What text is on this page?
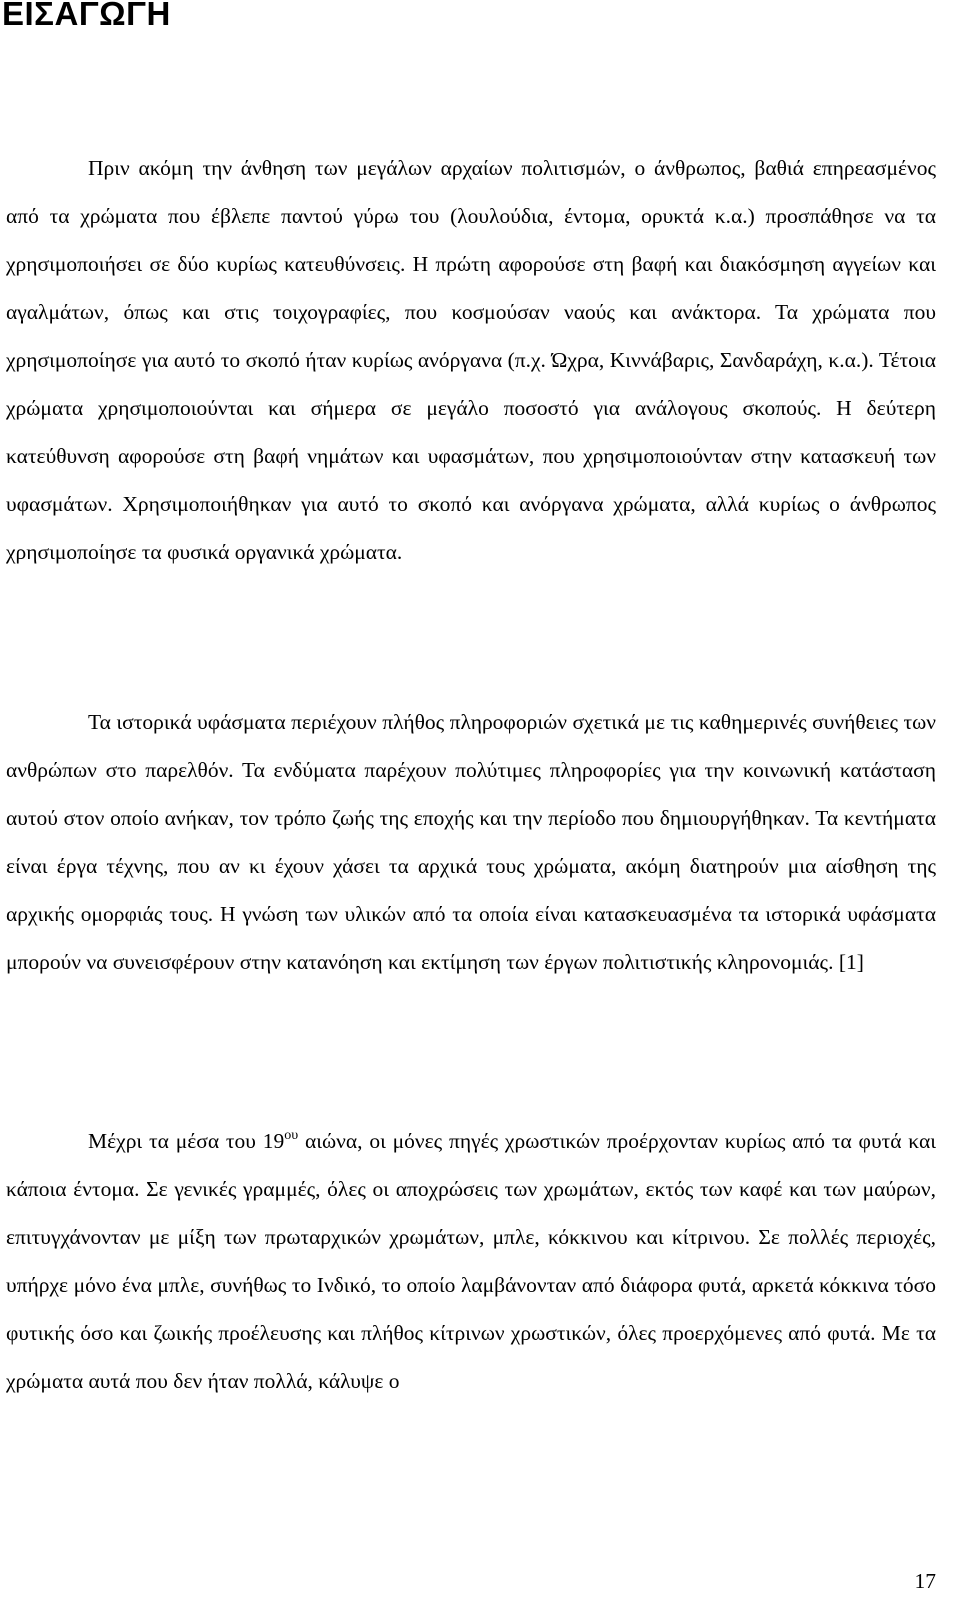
ΕΙΣΑΓΩΓΗ

Πριν ακόμη την άνθηση των μεγάλων αρχαίων πολιτισμών, ο άνθρωπος, βαθιά επηρεασμένος από τα χρώματα που έβλεπε παντού γύρω του (λουλούδια, έντομα, ορυκτά κ.α.) προσπάθησε να τα χρησιμοποιήσει σε δύο κυρίως κατευθύνσεις. Η πρώτη αφορούσε στη βαφή και διακόσμηση αγγείων και αγαλμάτων, όπως και στις τοιχογραφίες, που κοσμούσαν ναούς και ανάκτορα. Τα χρώματα που χρησιμοποίησε για αυτό το σκοπό ήταν κυρίως ανόργανα (π.χ. Ώχρα, Κιννάβαρις, Σανδαράχη, κ.α.). Τέτοια χρώματα χρησιμοποιούνται και σήμερα σε μεγάλο ποσοστό για ανάλογους σκοπούς. Η δεύτερη κατεύθυνση αφορούσε στη βαφή νημάτων και υφασμάτων, που χρησιμοποιούνταν στην κατασκευή των υφασμάτων. Χρησιμοποιήθηκαν για αυτό το σκοπό και ανόργανα χρώματα, αλλά κυρίως ο άνθρωπος χρησιμοποίησε τα φυσικά οργανικά χρώματα.

Τα ιστορικά υφάσματα περιέχουν πλήθος πληροφοριών σχετικά με τις καθημερινές συνήθειες των ανθρώπων στο παρελθόν. Τα ενδύματα παρέχουν πολύτιμες πληροφορίες για την κοινωνική κατάσταση αυτού στον οποίο ανήκαν, τον τρόπο ζωής της εποχής και την περίοδο που δημιουργήθηκαν. Τα κεντήματα είναι έργα τέχνης, που αν κι έχουν χάσει τα αρχικά τους χρώματα, ακόμη διατηρούν μια αίσθηση της αρχικής ομορφιάς τους. Η γνώση των υλικών από τα οποία είναι κατασκευασμένα τα ιστορικά υφάσματα μπορούν να συνεισφέρουν στην κατανόηση και εκτίμηση των έργων πολιτιστικής κληρονομιάς. [1]

Μέχρι τα μέσα του $19^{o\upsilon}$ αιώνα, οι μόνες πηγές χρωστικών προέρχονταν κυρίως από τα φυτά και κάποια έντομα. Σε γενικές γραμμές, όλες οι αποχρώσεις των χρωμάτων, εκτός των καφέ και των μαύρων, επιτυγχάνονταν με μίξη των πρωταρχικών χρωμάτων, μπλε, κόκκινου και κίτρινου. Σε πολλές περιοχές, υπήρχε μόνο ένα μπλε, συνήθως το Ινδικό, το οποίο λαμβάνονταν από διάφορα φυτά, αρκετά κόκκινα τόσο φυτικής όσο και ζωικής προέλευσης και πλήθος κίτρινων χρωστικών, όλες προερχόμενες από φυτά. Με τα χρώματα αυτά που δεν ήταν πολλά, κάλυψε ο

17
